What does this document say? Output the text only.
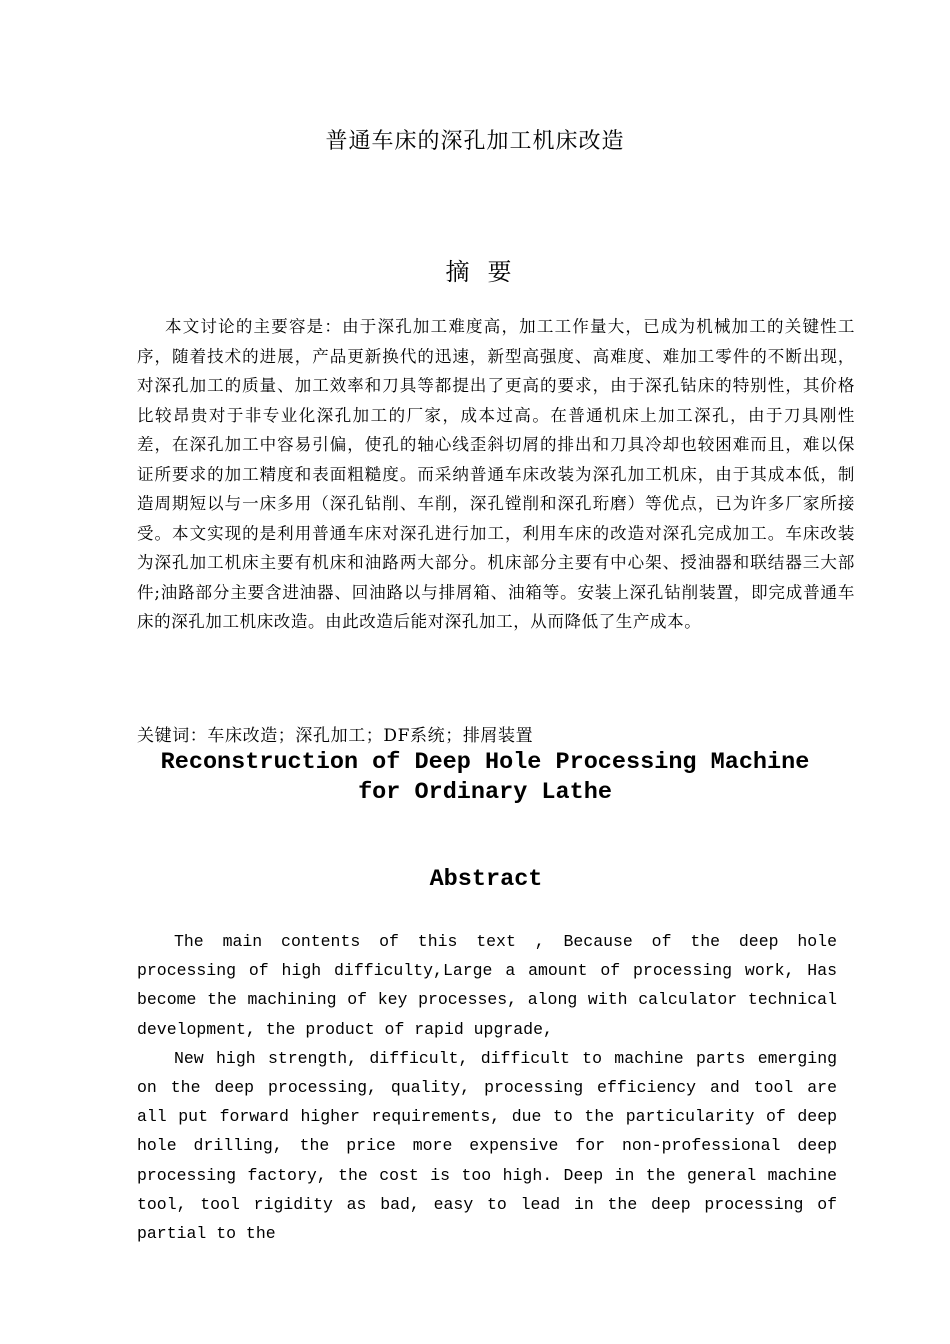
普通车床的深孔加工机床改造
摘要

本文讨论的主要容是：由于深孔加工难度高，加工工作量大，已成为机械加工的关键性工序，随着技术的进展，产品更新换代的迅速，新型高强度、高难度、难加工零件的不断出现，对深孔加工的质量、加工效率和刀具等都提出了更高的要求，由于深孔钻床的特别性，其价格比较昂贵对于非专业化深孔加工的厂家，成本过高。在普通机床上加工深孔，由于刀具刚性差，在深孔加工中容易引偏，使孔的轴心线歪斜切屑的排出和刀具冷却也较困难而且，难以保证所要求的加工精度和表面粗糙度。而采纳普通车床改装为深孔加工机床，由于其成本低，制造周期短以与一床多用（深孔钻削、车削，深孔镗削和深孔珩磨）等优点，已为许多厂家所接受。本文实现的是利用普通车床对深孔进行加工，利用车床的改造对深孔完成加工。车床改装为深孔加工机床主要有机床和油路两大部分。机床部分主要有中心架、授油器和联结器三大部件;油路部分主要含进油器、回油路以与排屑箱、油箱等。安装上深孔钻削装置，即完成普通车床的深孔加工机床改造。由此改造后能对深孔加工，从而降低了生产成本。

关键词：车床改造；深孔加工；DF系统；排屑装置
Reconstruction of Deep Hole Processing Machine for Ordinary Lathe
Abstract

The main contents of this text , Because of the deep hole processing of high difficulty,Large a amount of processing work, Has become the machining of key processes, along with calculator technical development, the product of rapid upgrade,

New high strength, difficult, difficult to machine parts emerging on the deep processing, quality, processing efficiency and tool are all put forward higher requirements, due to the particularity of deep hole drilling, the price more expensive for non-professional deep processing factory, the cost is too high. Deep in the general machine tool, tool rigidity as bad, easy to lead in the deep processing of partial to the
